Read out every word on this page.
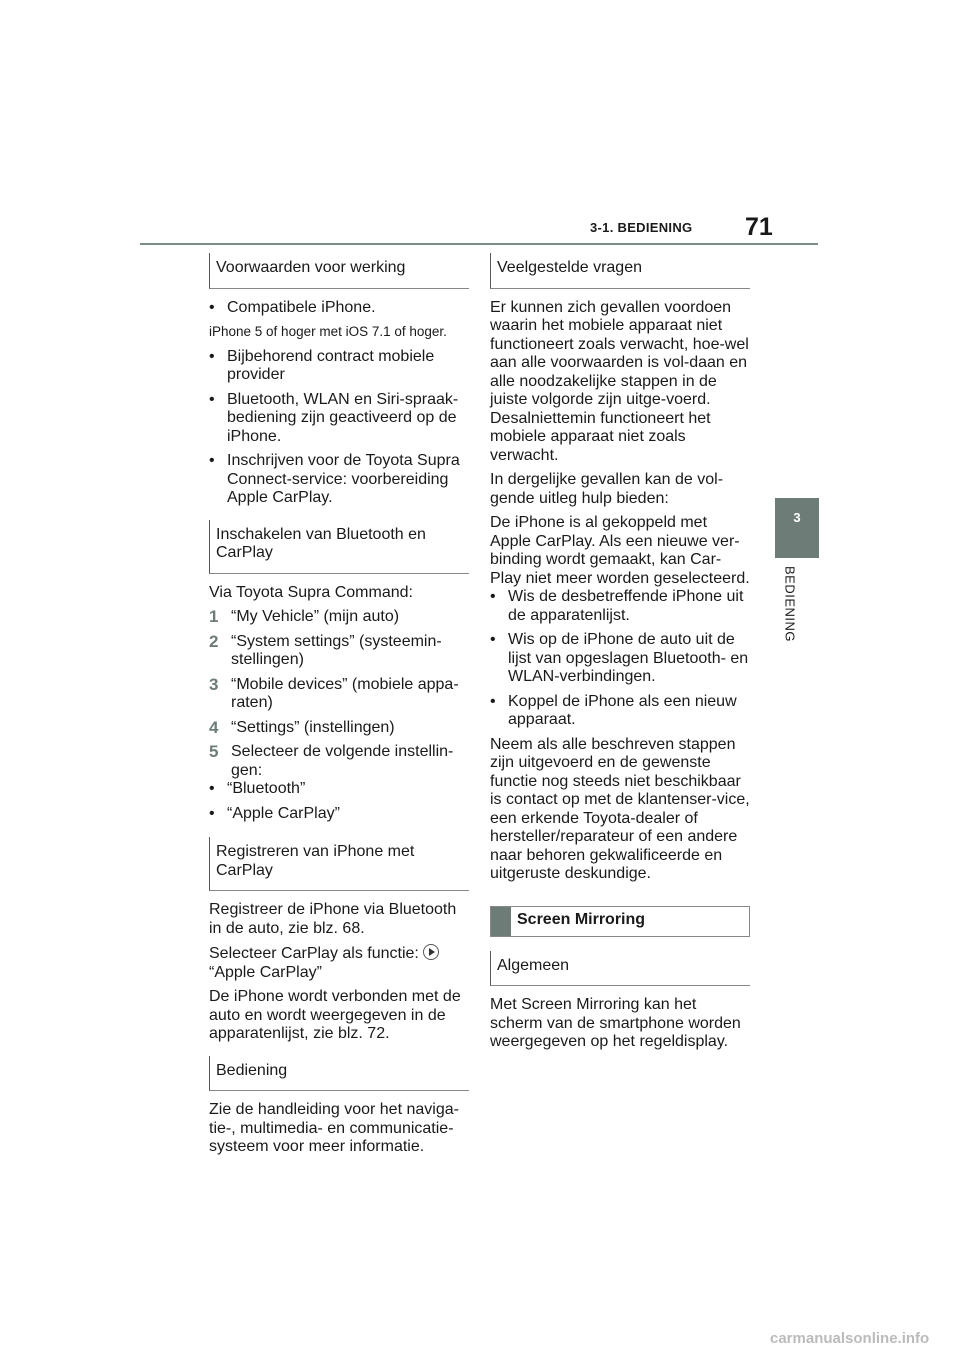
3-1. BEDIENING 71
3
BEDIENING
Voorwaarden voor werking

• Compatibele iPhone.

iPhone 5 of hoger met iOS 7.1 of hoger.

• Bijbehorend contract mobiele provider

• Bluetooth, WLAN en Siri-spraak-bediening zijn geactiveerd op de iPhone.

• Inschrijven voor de Toyota Supra Connect-service: voorbereiding Apple CarPlay.

Inschakelen van Bluetooth en CarPlay

Via Toyota Supra Command:

1 “My Vehicle” (mijn auto)
2 “System settings” (systeemin-stellingen)
3 “Mobile devices” (mobiele appa-raten)
4 “Settings” (instellingen)
5 Selecteer de volgende instellin-gen:

• “Bluetooth”

• “Apple CarPlay”

Registreren van iPhone met CarPlay

Registreer de iPhone via Bluetooth in de auto, zie blz. 68.

Selecteer CarPlay als functie:
“Apple CarPlay”

De iPhone wordt verbonden met de auto en wordt weergegeven in de apparatenlijst, zie blz. 72.

Bediening

Zie de handleiding voor het naviga-tie-, multimedia- en communicatie-systeem voor meer informatie.

Veelgestelde vragen

Er kunnen zich gevallen voordoen waarin het mobiele apparaat niet functioneert zoals verwacht, hoe-wel aan alle voorwaarden is vol-daan en alle noodzakelijke stappen in de juiste volgorde zijn uitge-voerd. Desalniettemin functioneert het mobiele apparaat niet zoals verwacht.

In dergelijke gevallen kan de vol-gende uitleg hulp bieden:

De iPhone is al gekoppeld met Apple CarPlay. Als een nieuwe ver-binding wordt gemaakt, kan Car-Play niet meer worden geselecteerd.

• Wis de desbetreffende iPhone uit de apparatenlijst.

• Wis op de iPhone de auto uit de lijst van opgeslagen Bluetooth- en WLAN-verbindingen.

• Koppel de iPhone als een nieuw apparaat.

Neem als alle beschreven stappen zijn uitgevoerd en de gewenste functie nog steeds niet beschikbaar is contact op met de klantenser-vice, een erkende Toyota-dealer of hersteller/reparateur of een andere naar behoren gekwalificeerde en uitgeruste deskundige.

Screen Mirroring
Algemeen

Met Screen Mirroring kan het scherm van de smartphone worden weergegeven op het regeldisplay.

carmanualsonline.info
